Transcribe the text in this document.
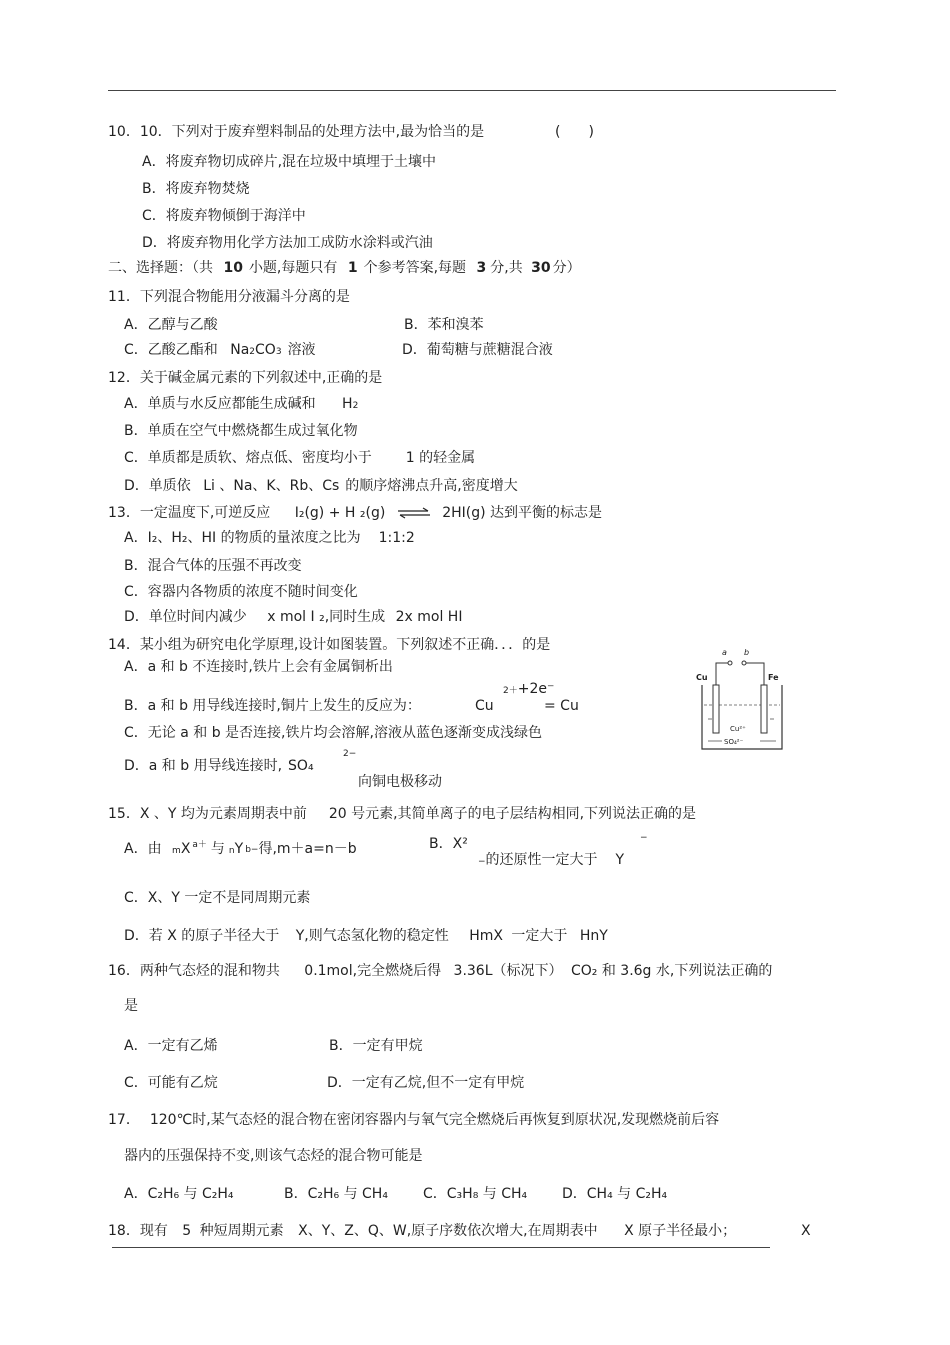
10．10．下列对于废弃塑料制品的处理方法中,最为恰当的是	(　　)
A．将废弃物切成碎片,混在垃圾中填埋于土壤中
B．将废弃物焚烧
C．将废弃物倾倒于海洋中
D．将废弃物用化学方法加工成防水涂料或汽油
二、选择题：（共 10 小题,每题只有 1 个参考答案,每题 3 分,共 30 分）
11．下列混合物能用分液漏斗分离的是
A．乙醇与乙酸	B．苯和溴苯
C．乙酸乙酯和 Na2CO3 溶液	D．葡萄糖与蔗糖混合液
12．关于碱金属元素的下列叙述中,正确的是
A．单质与水反应都能生成碱和 H2
B．单质在空气中燃烧都生成过氧化物
C．单质都是质软、熔点低、密度均小于 1 的轻金属
D．单质依 Li 、Na、K、Rb、Cs 的顺序熔沸点升高,密度增大
13．一定温度下,可逆反应 I₂(g) + H ₂(g) ⇌ 2HI(g) 达到平衡的标志是
A．I₂、H₂、HI 的物质的量浓度之比为 1:1:2
B．混合气体的压强不再改变
C．容器内各物质的浓度不随时间变化
D．单位时间内减少 x mol I ₂,同时生成 2x mol HI
14．某小组为研究电化学原理,设计如图装置。下列叙述不正确．．．的是
A．a 和 b 不连接时,铁片上会有金属铜析出
B．a 和 b 用导线连接时,铜片上发生的反应为：	Cu
2＋+2e⁻
= Cu
C．无论 a 和 b 是否连接,铁片均会溶解,溶液从蓝色逐渐变成浅绿色
D．a 和 b 用导线连接时, SO₄
2−
向铜电极移动
a b
Cu	Fe
Cu²⁺
SO₄²⁻
15．X 、Y 均为元素周期表中前 20 号元素,其简单离子的电子层结构相同,下列说法正确的是
A．由 mX $^{a+}$ 与 nY b−得,m＋a=n－b	B．X²	−
−的还原性一定大于 Y
C．X、Y 一定不是同周期元素
D．若 X 的原子半径大于 Y,则气态氢化物的稳定性 HmX 一定大于 HnY
16．两种气态烃的混和物共 0.1mol,完全燃烧后得 3.36L（标况下） CO₂ 和 3.6g 水,下列说法正确的
是
A．一定有乙烯	B．一定有甲烷
C．可能有乙烷	D．一定有乙烷,但不一定有甲烷
17． 120℃时,某气态烃的混合物在密闭容器内与氧气完全燃烧后再恢复到原状况,发现燃烧前后容
器内的压强保持不变,则该气态烃的混合物可能是
A．C₂H₆ 与 C₂H₄	B．C₂H₆ 与 CH₄	C．C₃H₈ 与 CH₄ D．CH₄ 与 C₂H₄
18．现有 5 种短周期元素 X、Y、Z、Q、W,原子序数依次增大,在周期表中 X 原子半径最小；	X
